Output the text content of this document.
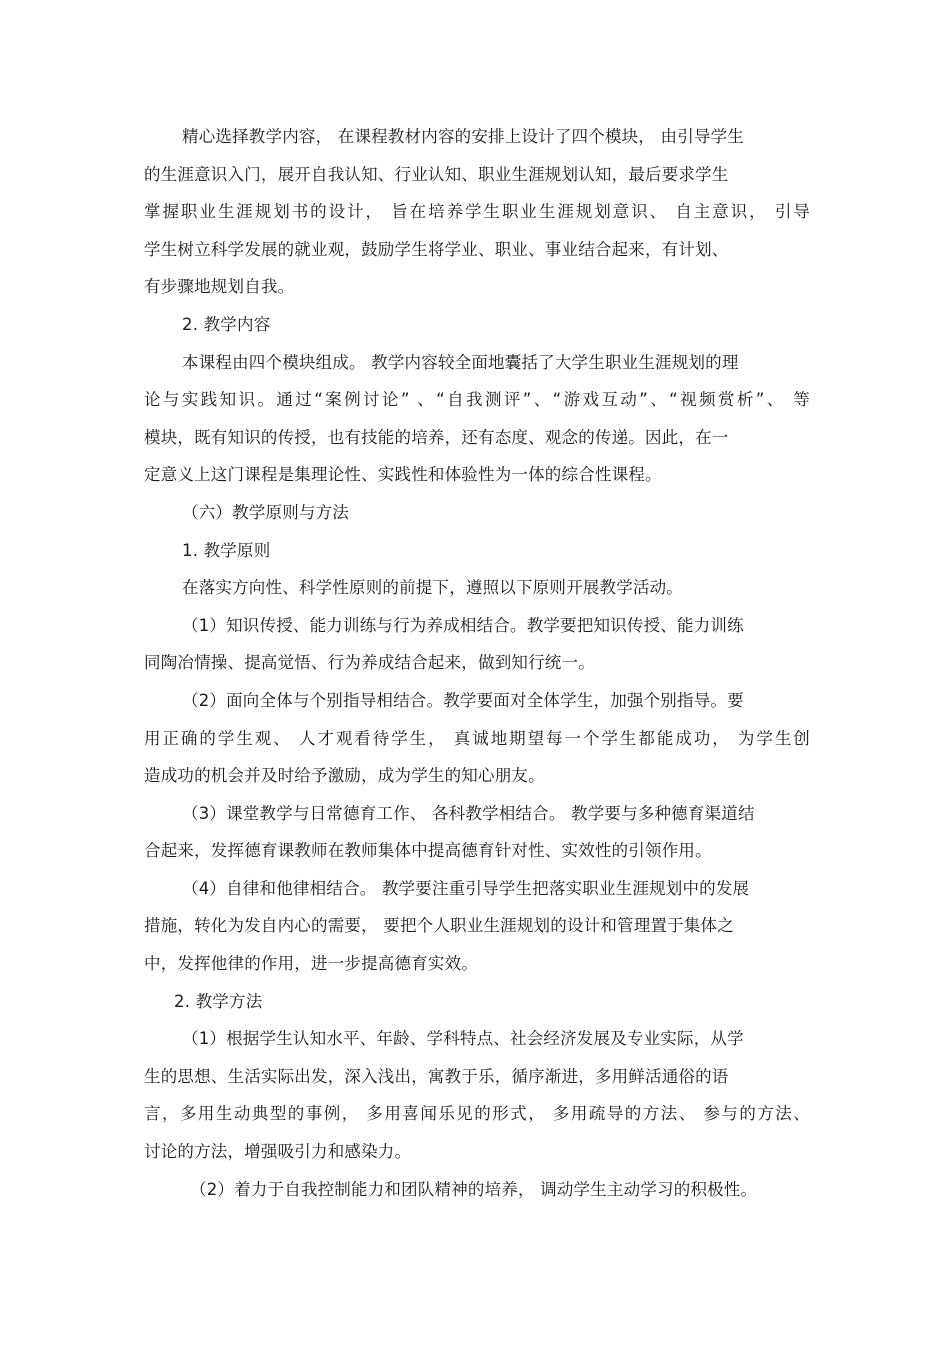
精心选择教学内容， 在课程教材内容的安排上设计了四个模块， 由引导学生
的生涯意识入门，展开自我认知、行业认知、职业生涯规划认知，最后要求学生
掌握职业生涯规划书的设计， 旨在培养学生职业生涯规划意识、 自主意识， 引导
学生树立科学发展的就业观，鼓励学生将学业、职业、事业结合起来，有计划、
有步骤地规划自我。
2. 教学内容
本课程由四个模块组成。 教学内容较全面地囊括了大学生职业生涯规划的理
论与实践知识。通过“案例讨论” 、“自我测评”、“游戏互动”、“视频赏析”、 等
模块，既有知识的传授，也有技能的培养，还有态度、观念的传递。因此，在一
定意义上这门课程是集理论性、实践性和体验性为一体的综合性课程。
（六）教学原则与方法
1. 教学原则
在落实方向性、科学性原则的前提下，遵照以下原则开展教学活动。
（1）知识传授、能力训练与行为养成相结合。教学要把知识传授、能力训练
同陶冶情操、提高觉悟、行为养成结合起来，做到知行统一。
（2）面向全体与个别指导相结合。教学要面对全体学生，加强个别指导。要
用正确的学生观、 人才观看待学生， 真诚地期望每一个学生都能成功， 为学生创
造成功的机会并及时给予激励，成为学生的知心朋友。
（3）课堂教学与日常德育工作、 各科教学相结合。 教学要与多种德育渠道结
合起来，发挥德育课教师在教师集体中提高德育针对性、实效性的引领作用。
（4）自律和他律相结合。 教学要注重引导学生把落实职业生涯规划中的发展
措施，转化为发自内心的需要， 要把个人职业生涯规划的设计和管理置于集体之
中，发挥他律的作用，进一步提高德育实效。
2. 教学方法
（1）根据学生认知水平、年龄、学科特点、社会经济发展及专业实际，从学
生的思想、生活实际出发，深入浅出，寓教于乐，循序渐进，多用鲜活通俗的语
言，多用生动典型的事例， 多用喜闻乐见的形式， 多用疏导的方法、 参与的方法、
讨论的方法，增强吸引力和感染力。
（2）着力于自我控制能力和团队精神的培养， 调动学生主动学习的积极性。
